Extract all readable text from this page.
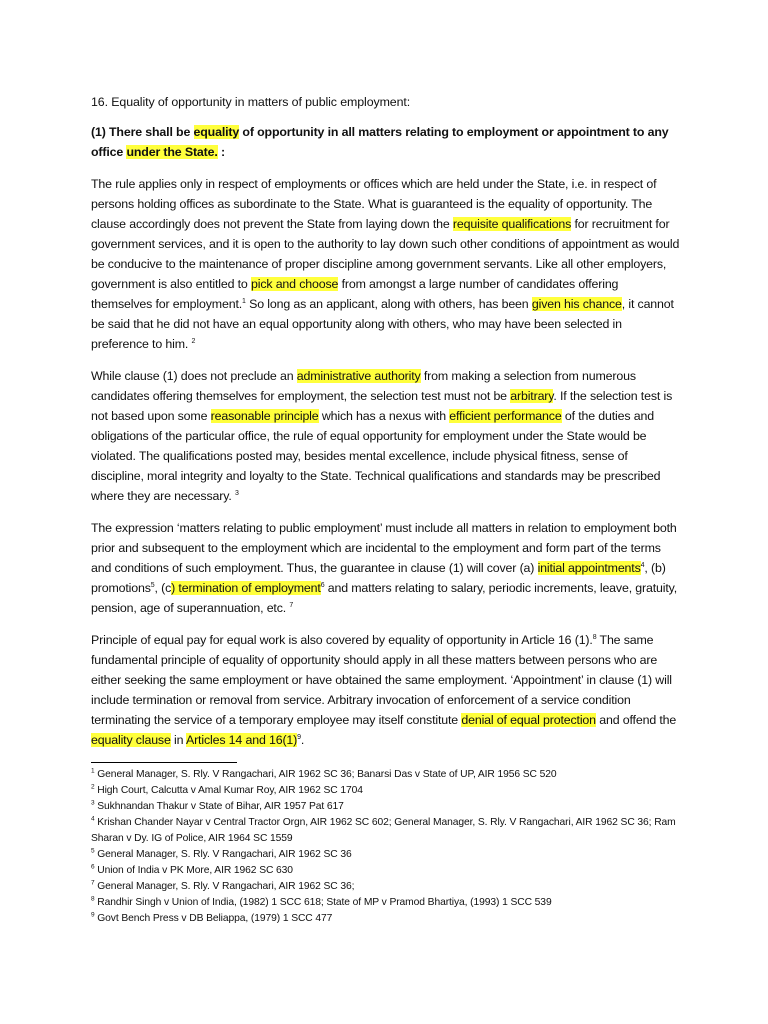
16. Equality of opportunity in matters of public employment:

(1) There shall be equality of opportunity in all matters relating to employment or appointment to any office under the State. :

The rule applies only in respect of employments or offices which are held under the State, i.e. in respect of persons holding offices as subordinate to the State. What is guaranteed is the equality of opportunity. The clause accordingly does not prevent the State from laying down the requisite qualifications for recruitment for government services, and it is open to the authority to lay down such other conditions of appointment as would be conducive to the maintenance of proper discipline among government servants. Like all other employers, government is also entitled to pick and choose from amongst a large number of candidates offering themselves for employment.$^1$ So long as an applicant, along with others, has been given his chance, it cannot be said that he did not have an equal opportunity along with others, who may have been selected in preference to him. $^2$

While clause (1) does not preclude an administrative authority from making a selection from numerous candidates offering themselves for employment, the selection test must not be arbitrary. If the selection test is not based upon some reasonable principle which has a nexus with efficient performance of the duties and obligations of the particular office, the rule of equal opportunity for employment under the State would be violated. The qualifications posted may, besides mental excellence, include physical fitness, sense of discipline, moral integrity and loyalty to the State. Technical qualifications and standards may be prescribed where they are necessary. $^3$

The expression ‘matters relating to public employment’ must include all matters in relation to employment both prior and subsequent to the employment which are incidental to the employment and form part of the terms and conditions of such employment. Thus, the guarantee in clause (1) will cover (a) initial appointments$^4$, (b) promotions$^5$, (c) termination of employment$^6$ and matters relating to salary, periodic increments, leave, gratuity, pension, age of superannuation, etc. $^7$

Principle of equal pay for equal work is also covered by equality of opportunity in Article 16 (1).$^8$ The same fundamental principle of equality of opportunity should apply in all these matters between persons who are either seeking the same employment or have obtained the same employment. ‘Appointment’ in clause (1) will include termination or removal from service. Arbitrary invocation of enforcement of a service condition terminating the service of a temporary employee may itself constitute denial of equal protection and offend the equality clause in Articles 14 and $16(1)^9$.

$^1$ General Manager, S. Rly. V Rangachari, AIR 1962 SC 36; Banarsi Das v State of UP, AIR 1956 SC 520
$^2$ High Court, Calcutta v Amal Kumar Roy, AIR 1962 SC 1704
$^3$ Sukhnandan Thakur v State of Bihar, AIR 1957 Pat 617
$^4$ Krishan Chander Nayar v Central Tractor Orgn, AIR 1962 SC 602; General Manager, S. Rly. V Rangachari, AIR 1962 SC 36; Ram Sharan v Dy. IG of Police, AIR 1964 SC 1559
$^5$ General Manager, S. Rly. V Rangachari, AIR 1962 SC 36
$^6$ Union of India v PK More, AIR 1962 SC 630
$^7$ General Manager, S. Rly. V Rangachari, AIR 1962 SC 36;
$^8$ Randhir Singh v Union of India, (1982) 1 SCC 618; State of MP v Pramod Bhartiya, (1993) 1 SCC 539
$^9$ Govt Bench Press v DB Beliappa, (1979) 1 SCC 477
